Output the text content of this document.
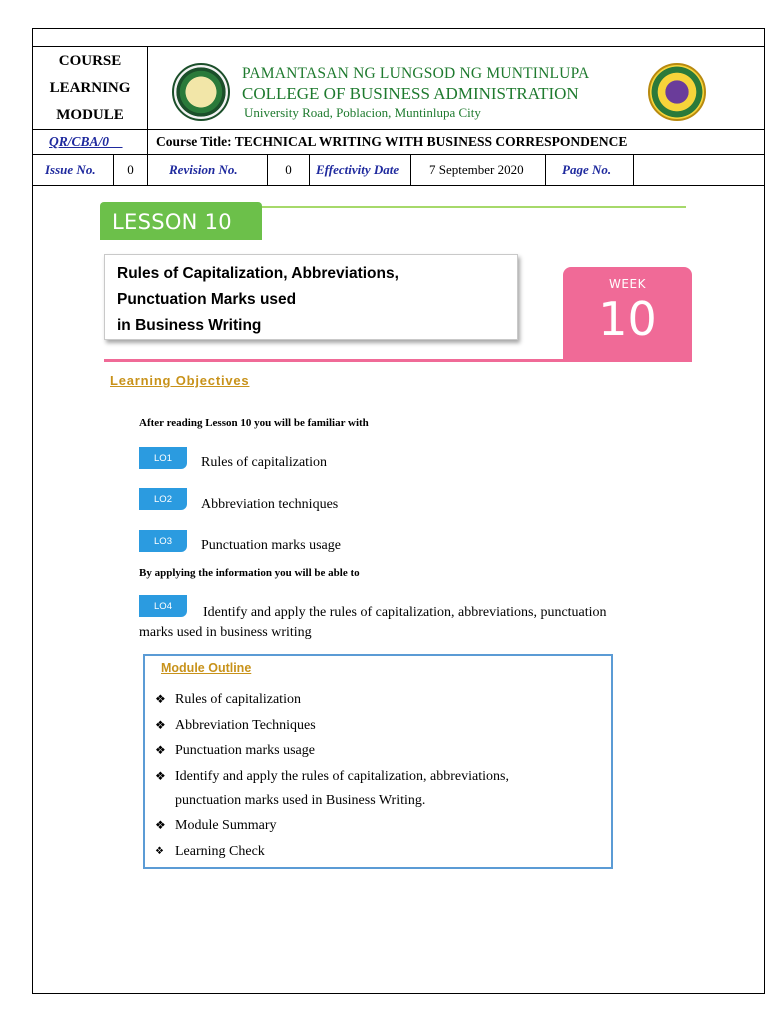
COURSE
LEARNING
MODULE
PAMANTASAN NG LUNGSOD NG MUNTINLUPA
COLLEGE OF BUSINESS ADMINISTRATION
University Road, Poblacion, Muntinlupa City
QR/CBA/0__	Course Title: TECHNICAL WRITING WITH BUSINESS CORRESPONDENCE
Issue No.	0	Revision No.	0	Effectivity Date	7 September 2020	Page No.
LESSON 10
Rules of Capitalization, Abbreviations,
Punctuation Marks used
in Business Writing
WEEK
10
Learning Objectives
After reading Lesson 10 you will be familiar with
LO1	Rules of capitalization
LO2	Abbreviation techniques
LO3	Punctuation marks usage
By applying the information you will be able to
LO4	Identify and apply the rules of capitalization, abbreviations, punctuation
marks used in business writing
Module Outline
❖ Rules of capitalization
❖ Abbreviation Techniques
❖ Punctuation marks usage
❖ Identify and apply the rules of capitalization, abbreviations,
punctuation marks used in Business Writing.
❖ Module Summary
❖ Learning Check
